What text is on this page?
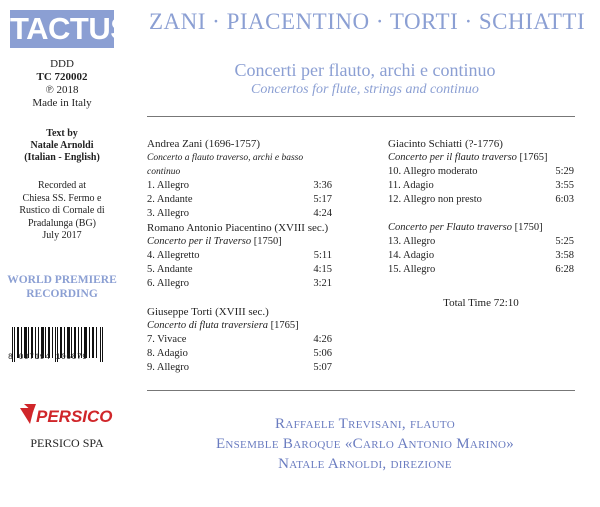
TACTUS
DDD
TC 720002
℗ 2018
Made in Italy
Text by
Natale Arnoldi
(Italian - English)
Recorded at
Chiesa SS. Fermo e
Rustico di Cornale di
Pradalunga (BG)
July 2017
WORLD PREMIERE
RECORDING
8 007194 106879
PERSICO
PERSICO SPA
ZANI · PIACENTINO · TORTI · SCHIATTI
Concerti per flauto, archi e continuo
Concertos for flute, strings and continuo
Andrea Zani (1696-1757)
Concerto a flauto traverso, archi e basso continuo
1. Allegro	3:36
2. Andante	5:17
3. Allegro	4:24
Romano Antonio Piacentino (XVIII sec.)
Concerto per il Traverso [1750]
4. Allegretto	5:11
5. Andante	4:15
6. Allegro	3:21
Giuseppe Torti (XVIII sec.)
Concerto di fluta traversiera [1765]
7. Vivace	4:26
8. Adagio	5:06
9. Allegro	5:07
Giacinto Schiatti (?-1776)
Concerto per il flauto traverso [1765]
10. Allegro moderato	5:29
11. Adagio	3:55
12. Allegro non presto	6:03
Concerto per Flauto traverso [1750]
13. Allegro	5:25
14. Adagio	3:58
15. Allegro	6:28
Total Time 72:10
Raffaele Trevisani, flauto
Ensemble Baroque «Carlo Antonio Marino»
Natale Arnoldi, direzione
